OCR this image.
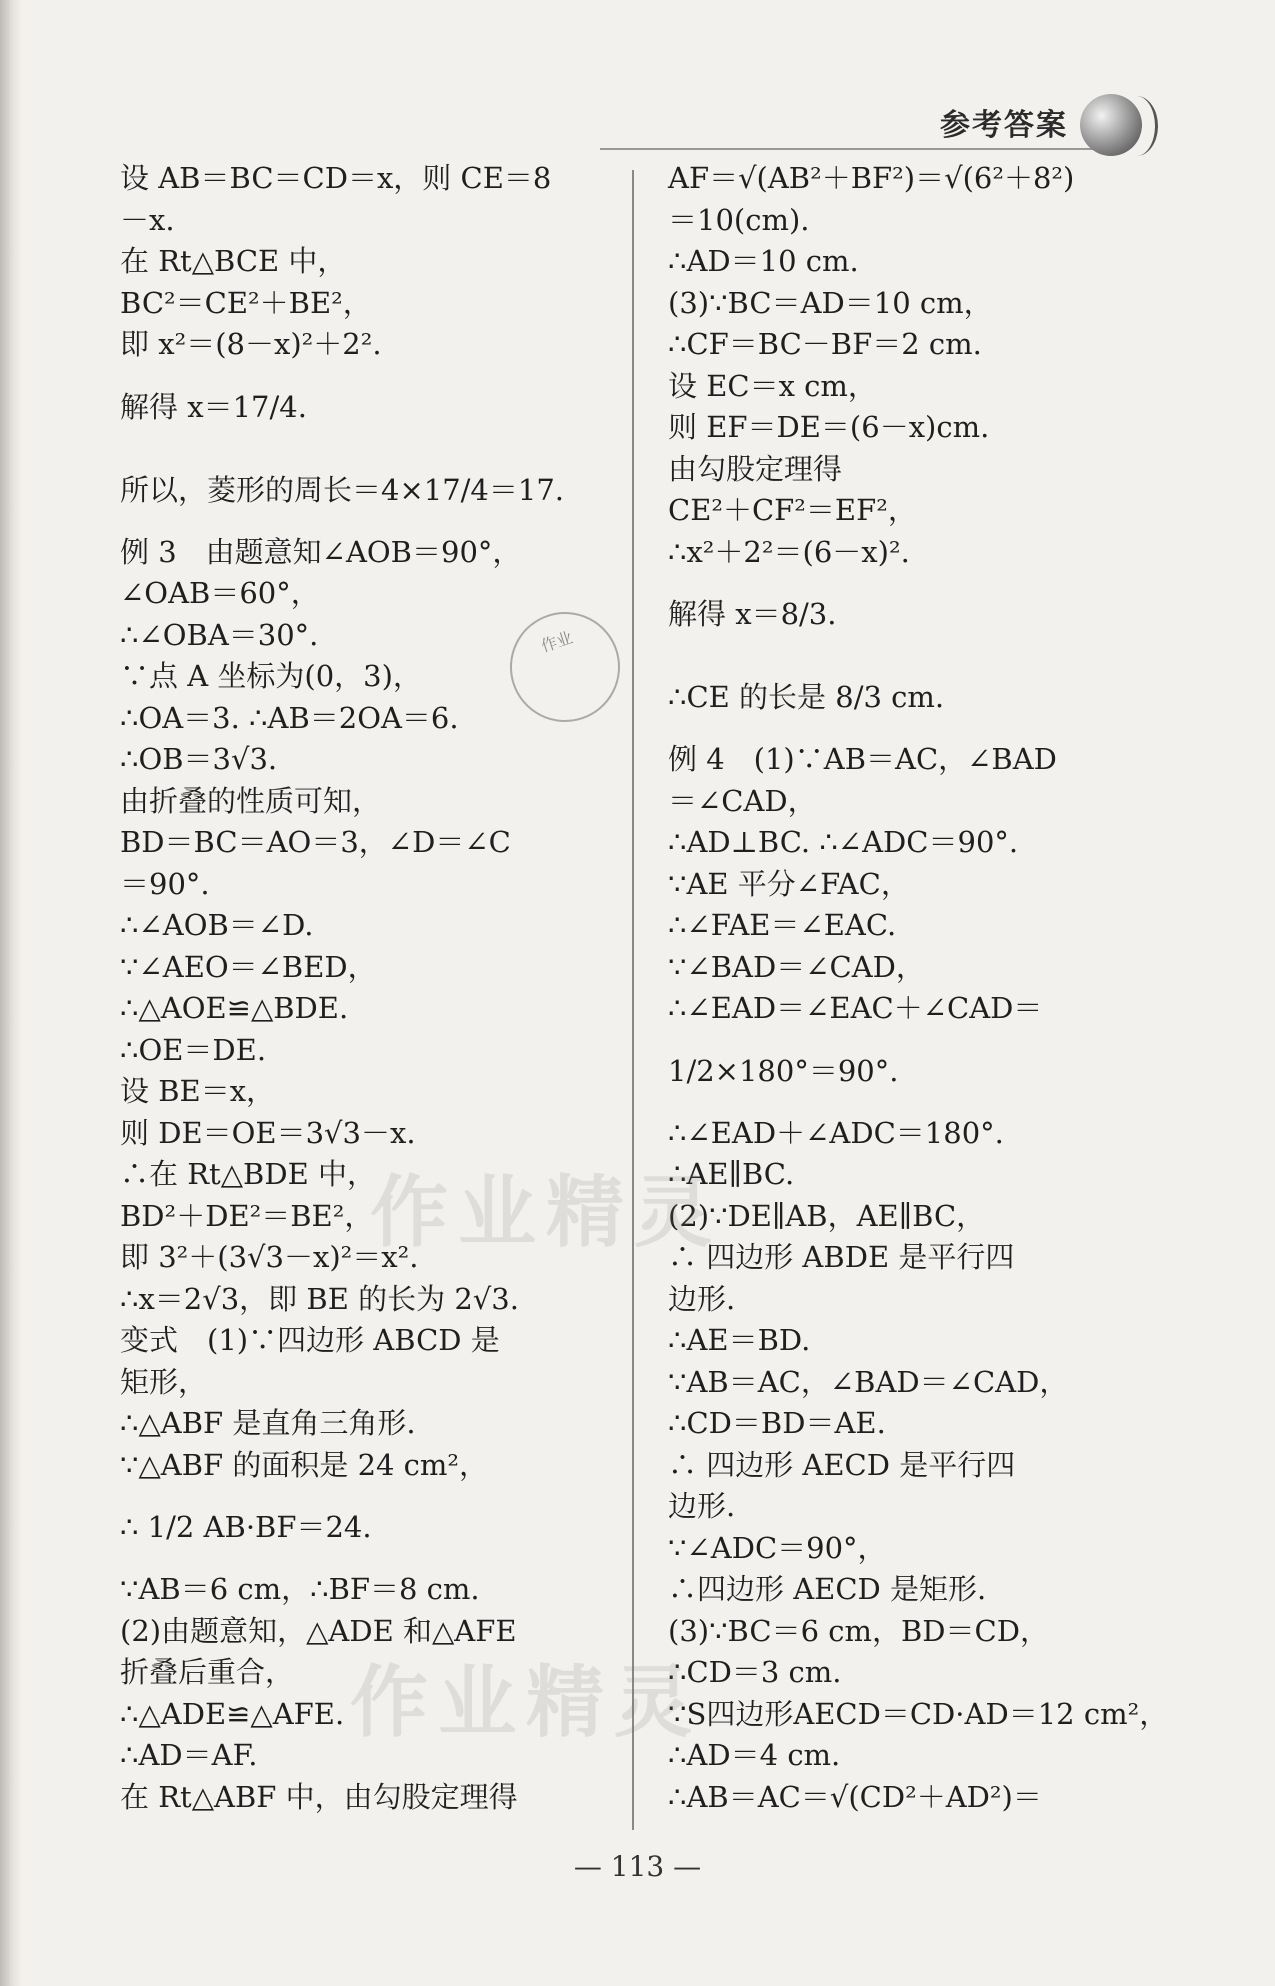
参考答案
设 AB＝BC＝CD＝x，则 CE＝8
－x.
在 Rt△BCE 中，
BC²＝CE²＋BE²，
即 x²＝(8－x)²＋2².
解得 x＝17/4.
所以，菱形的周长＝4×17/4＝17.
例 3　由题意知∠AOB＝90°，
∠OAB＝60°，
∴∠OBA＝30°.
∵点 A 坐标为(0，3)，
∴OA＝3. ∴AB＝2OA＝6.
∴OB＝3√3.
由折叠的性质可知，
BD＝BC＝AO＝3，∠D＝∠C
＝90°.
∴∠AOB＝∠D.
∵∠AEO＝∠BED，
∴△AOE≌△BDE.
∴OE＝DE.
设 BE＝x，
则 DE＝OE＝3√3－x.
∴在 Rt△BDE 中，
BD²＋DE²＝BE²，
即 3²＋(3√3－x)²＝x².
∴x＝2√3，即 BE 的长为 2√3.
变式　(1)∵四边形 ABCD 是
矩形，
∴△ABF 是直角三角形.
∵△ABF 的面积是 24 cm²，
∴ 1/2 AB·BF＝24.
∵AB＝6 cm，∴BF＝8 cm.
(2)由题意知，△ADE 和△AFE
折叠后重合，
∴△ADE≌△AFE.
∴AD＝AF.
在 Rt△ABF 中，由勾股定理得
AF＝√(AB²＋BF²)＝√(6²＋8²)
＝10(cm).
∴AD＝10 cm.
(3)∵BC＝AD＝10 cm，
∴CF＝BC－BF＝2 cm.
设 EC＝x cm，
则 EF＝DE＝(6－x)cm.
由勾股定理得
CE²＋CF²＝EF²，
∴x²＋2²＝(6－x)².
解得 x＝8/3.
∴CE 的长是 8/3 cm.
例 4　(1)∵AB＝AC，∠BAD
＝∠CAD，
∴AD⊥BC. ∴∠ADC＝90°.
∵AE 平分∠FAC，
∴∠FAE＝∠EAC.
∵∠BAD＝∠CAD，
∴∠EAD＝∠EAC＋∠CAD＝
1/2×180°＝90°.
∴∠EAD＋∠ADC＝180°.
∴AE∥BC.
(2)∵DE∥AB，AE∥BC，
∴ 四边形 ABDE 是平行四
边形.
∴AE＝BD.
∵AB＝AC，∠BAD＝∠CAD，
∴CD＝BD＝AE.
∴ 四边形 AECD 是平行四
边形.
∵∠ADC＝90°，
∴四边形 AECD 是矩形.
(3)∵BC＝6 cm，BD＝CD，
∴CD＝3 cm.
∵S四边形AECD＝CD·AD＝12 cm²，
∴AD＝4 cm.
∴AB＝AC＝√(CD²＋AD²)＝
作业
作业精灵
作业精灵
— 113 —
